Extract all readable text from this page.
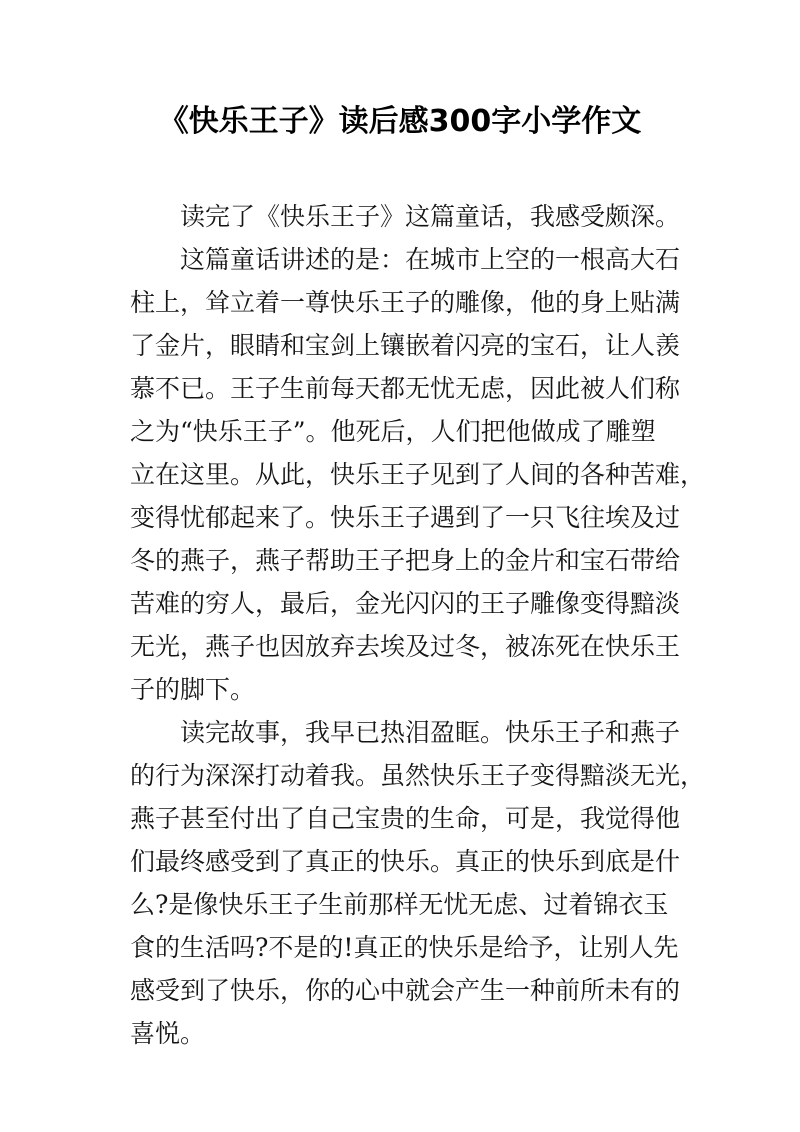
《快乐王子》读后感300字小学作文
读完了《快乐王子》这篇童话，我感受颇深。
这篇童话讲述的是：在城市上空的一根高大石
柱上，耸立着一尊快乐王子的雕像，他的身上贴满
了金片，眼睛和宝剑上镶嵌着闪亮的宝石，让人羡
慕不已。王子生前每天都无忧无虑，因此被人们称
之为“快乐王子”。他死后，人们把他做成了雕塑
立在这里。从此，快乐王子见到了人间的各种苦难，
变得忧郁起来了。快乐王子遇到了一只飞往埃及过
冬的燕子，燕子帮助王子把身上的金片和宝石带给
苦难的穷人，最后，金光闪闪的王子雕像变得黯淡
无光，燕子也因放弃去埃及过冬，被冻死在快乐王
子的脚下。
读完故事，我早已热泪盈眶。快乐王子和燕子
的行为深深打动着我。虽然快乐王子变得黯淡无光，
燕子甚至付出了自己宝贵的生命，可是，我觉得他
们最终感受到了真正的快乐。真正的快乐到底是什
么?是像快乐王子生前那样无忧无虑、过着锦衣玉
食的生活吗?不是的!真正的快乐是给予，让别人先
感受到了快乐，你的心中就会产生一种前所未有的
喜悦。
